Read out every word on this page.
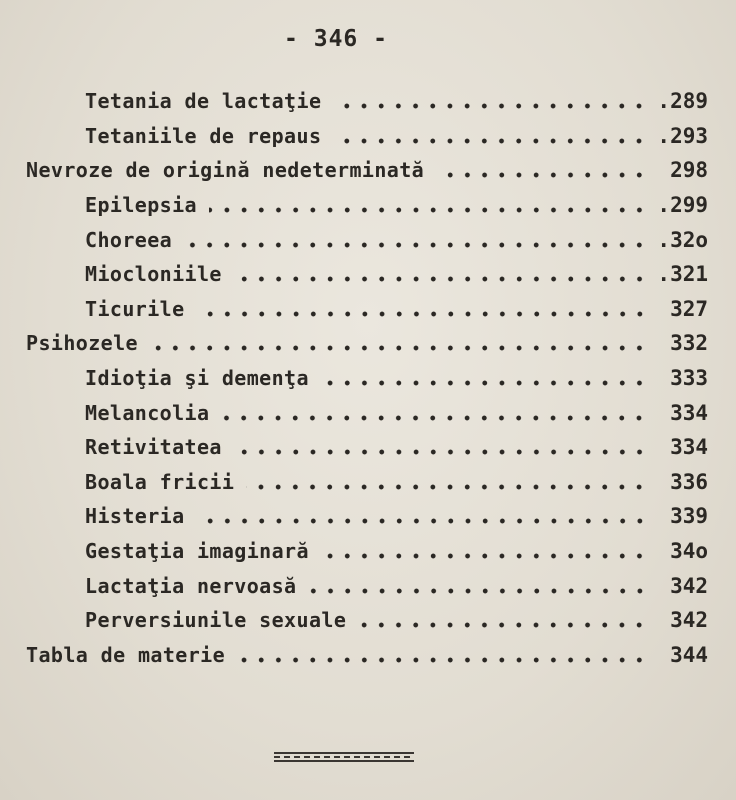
- 346 -
Tetania de lactaţie	.289
Tetaniile de repaus	.293
Nevroze de origină nedeterminată	298
Epilepsia	.299
Choreea	.32o
Miocloniile	.321
Ticurile	327
Psihozele	332
Idioţia şi demenţa	333
Melancolia	334
Retivitatea	334
Boala fricii	336
Histeria	339
Gestaţia imaginară	34o
Lactaţia nervoasă	342
Perversiunile sexuale	342
Tabla de materie	344
